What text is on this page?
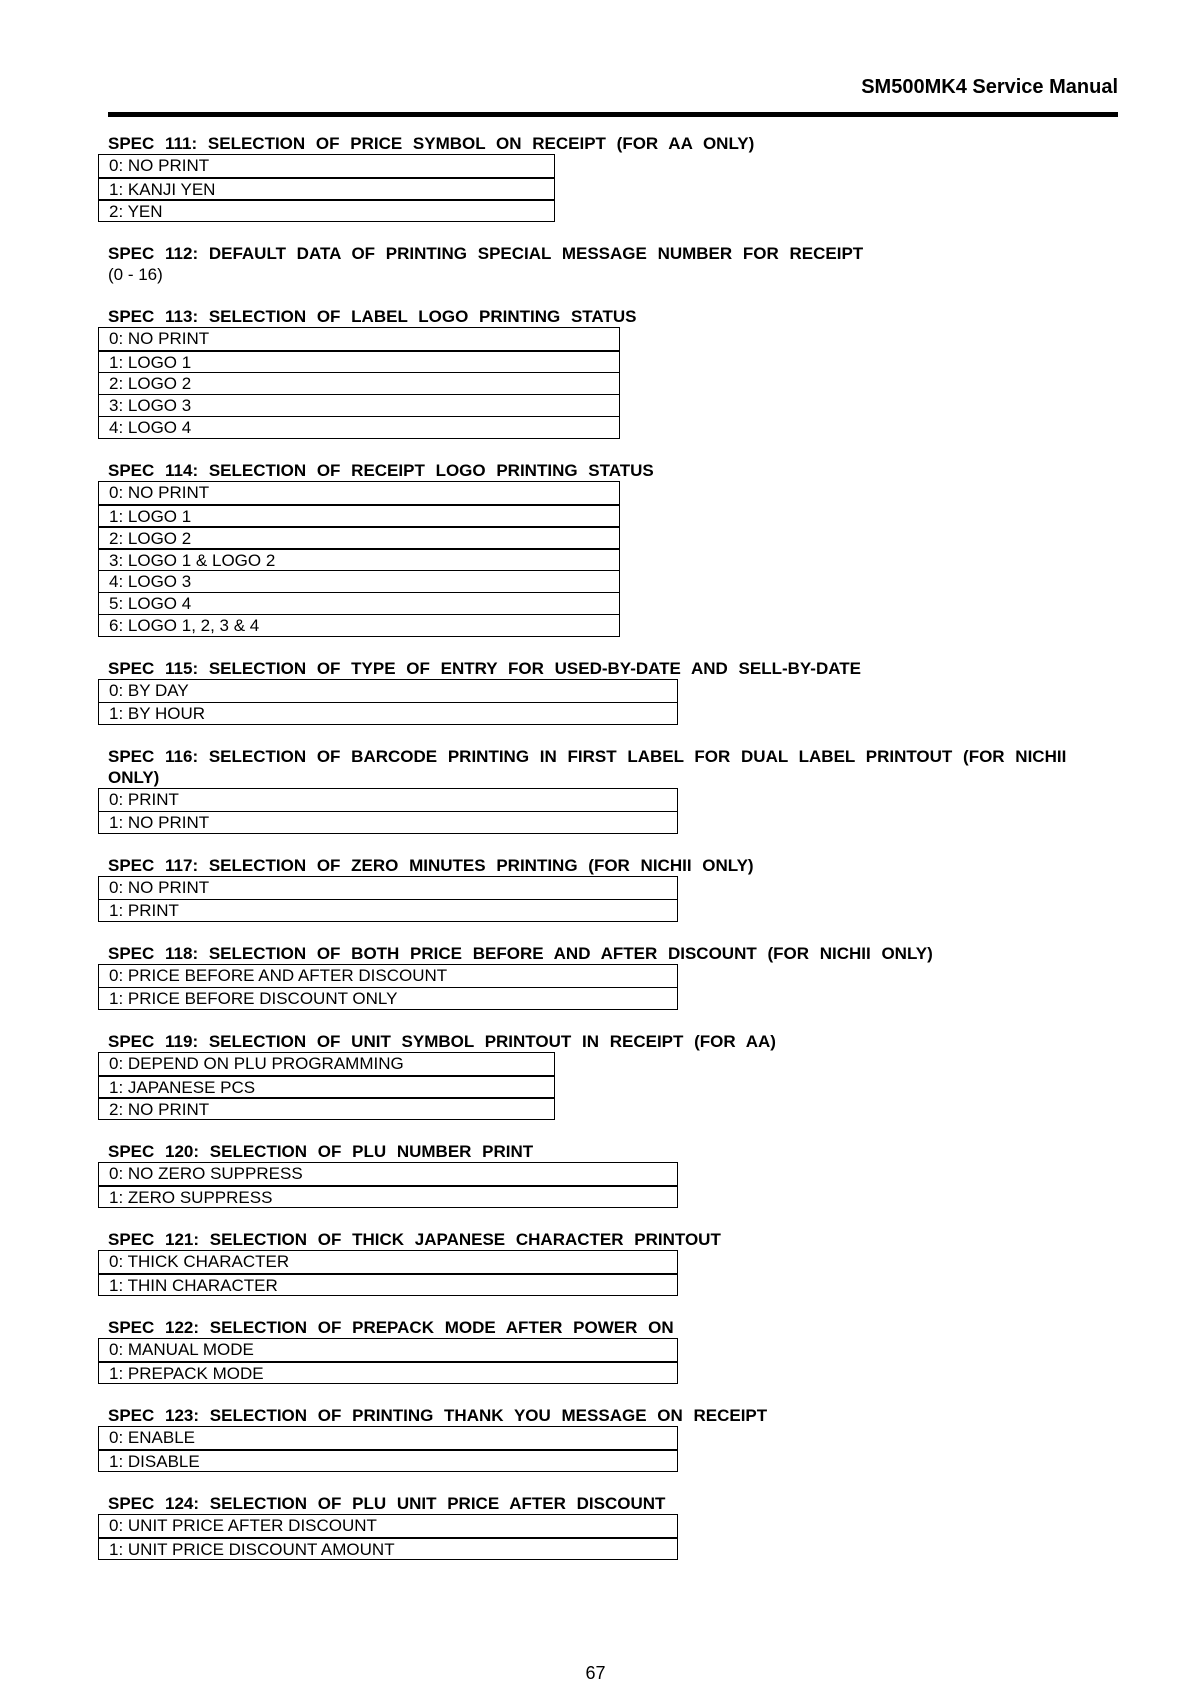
SM500MK4 Service Manual
SPEC 111: SELECTION OF PRICE SYMBOL ON RECEIPT (FOR AA ONLY)
0: NO PRINT
1: KANJI YEN
2: YEN
SPEC 112: DEFAULT DATA OF PRINTING SPECIAL MESSAGE NUMBER FOR RECEIPT
(0 - 16)
SPEC 113: SELECTION OF LABEL LOGO PRINTING STATUS
0: NO PRINT
1: LOGO 1
2: LOGO 2
3: LOGO 3
4: LOGO 4
SPEC 114: SELECTION OF RECEIPT LOGO PRINTING STATUS
0: NO PRINT
1: LOGO 1
2: LOGO 2
3: LOGO 1 & LOGO 2
4: LOGO 3
5: LOGO 4
6: LOGO 1, 2, 3 & 4
SPEC 115: SELECTION OF TYPE OF ENTRY FOR USED-BY-DATE AND SELL-BY-DATE
0: BY DAY
1: BY HOUR
SPEC 116: SELECTION OF BARCODE PRINTING IN FIRST LABEL FOR DUAL LABEL PRINTOUT (FOR NICHII ONLY)
0: PRINT
1: NO PRINT
SPEC 117: SELECTION OF ZERO MINUTES PRINTING (FOR NICHII ONLY)
0: NO PRINT
1: PRINT
SPEC 118: SELECTION OF BOTH PRICE BEFORE AND AFTER DISCOUNT (FOR NICHII ONLY)
0: PRICE BEFORE AND AFTER DISCOUNT
1: PRICE BEFORE DISCOUNT ONLY
SPEC 119: SELECTION OF UNIT SYMBOL PRINTOUT IN RECEIPT (FOR AA)
0: DEPEND ON PLU PROGRAMMING
1: JAPANESE PCS
2: NO PRINT
SPEC 120: SELECTION OF PLU NUMBER PRINT
0: NO ZERO SUPPRESS
1: ZERO SUPPRESS
SPEC 121: SELECTION OF THICK JAPANESE CHARACTER PRINTOUT
0: THICK CHARACTER
1: THIN CHARACTER
SPEC 122: SELECTION OF PREPACK MODE AFTER POWER ON
0: MANUAL MODE
1: PREPACK MODE
SPEC 123: SELECTION OF PRINTING THANK YOU MESSAGE ON RECEIPT
0: ENABLE
1: DISABLE
SPEC 124: SELECTION OF PLU UNIT PRICE AFTER DISCOUNT
0: UNIT PRICE AFTER DISCOUNT
1: UNIT PRICE DISCOUNT AMOUNT
67
